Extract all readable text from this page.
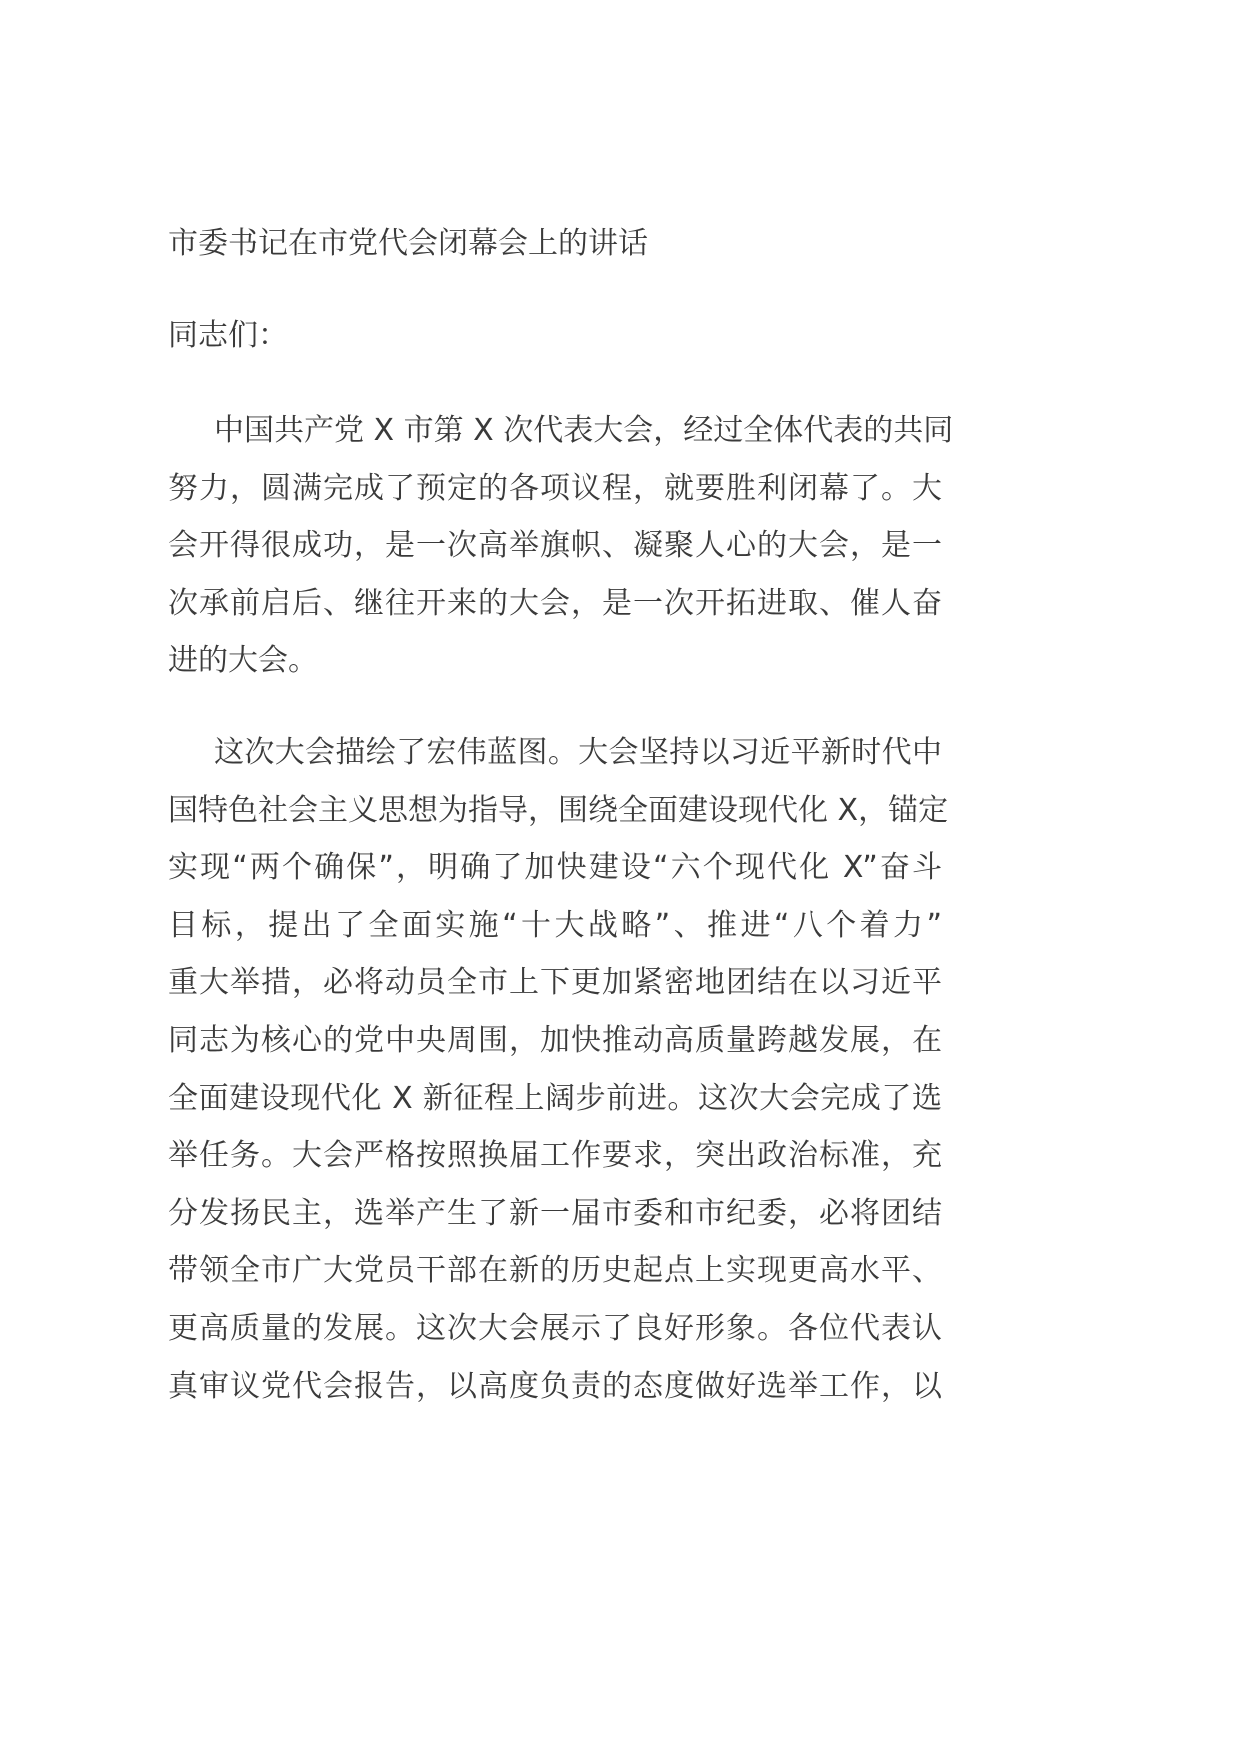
市委书记在市党代会闭幕会上的讲话

同志们：

中国共产党 X 市第 X 次代表大会，经过全体代表的共同
努力，圆满完成了预定的各项议程，就要胜利闭幕了。大
会开得很成功，是一次高举旗帜、凝聚人心的大会，是一
次承前启后、继往开来的大会，是一次开拓进取、催人奋
进的大会。
这次大会描绘了宏伟蓝图。大会坚持以习近平新时代中
国特色社会主义思想为指导，围绕全面建设现代化 X，锚定
实现“两个确保”，明确了加快建设“六个现代化 X”奋斗
目标，提出了全面实施“十大战略”、推进“八个着力”
重大举措，必将动员全市上下更加紧密地团结在以习近平
同志为核心的党中央周围，加快推动高质量跨越发展，在
全面建设现代化 X 新征程上阔步前进。这次大会完成了选
举任务。大会严格按照换届工作要求，突出政治标准，充
分发扬民主，选举产生了新一届市委和市纪委，必将团结
带领全市广大党员干部在新的历史起点上实现更高水平、
更高质量的发展。这次大会展示了良好形象。各位代表认
真审议党代会报告，以高度负责的态度做好选举工作，以
